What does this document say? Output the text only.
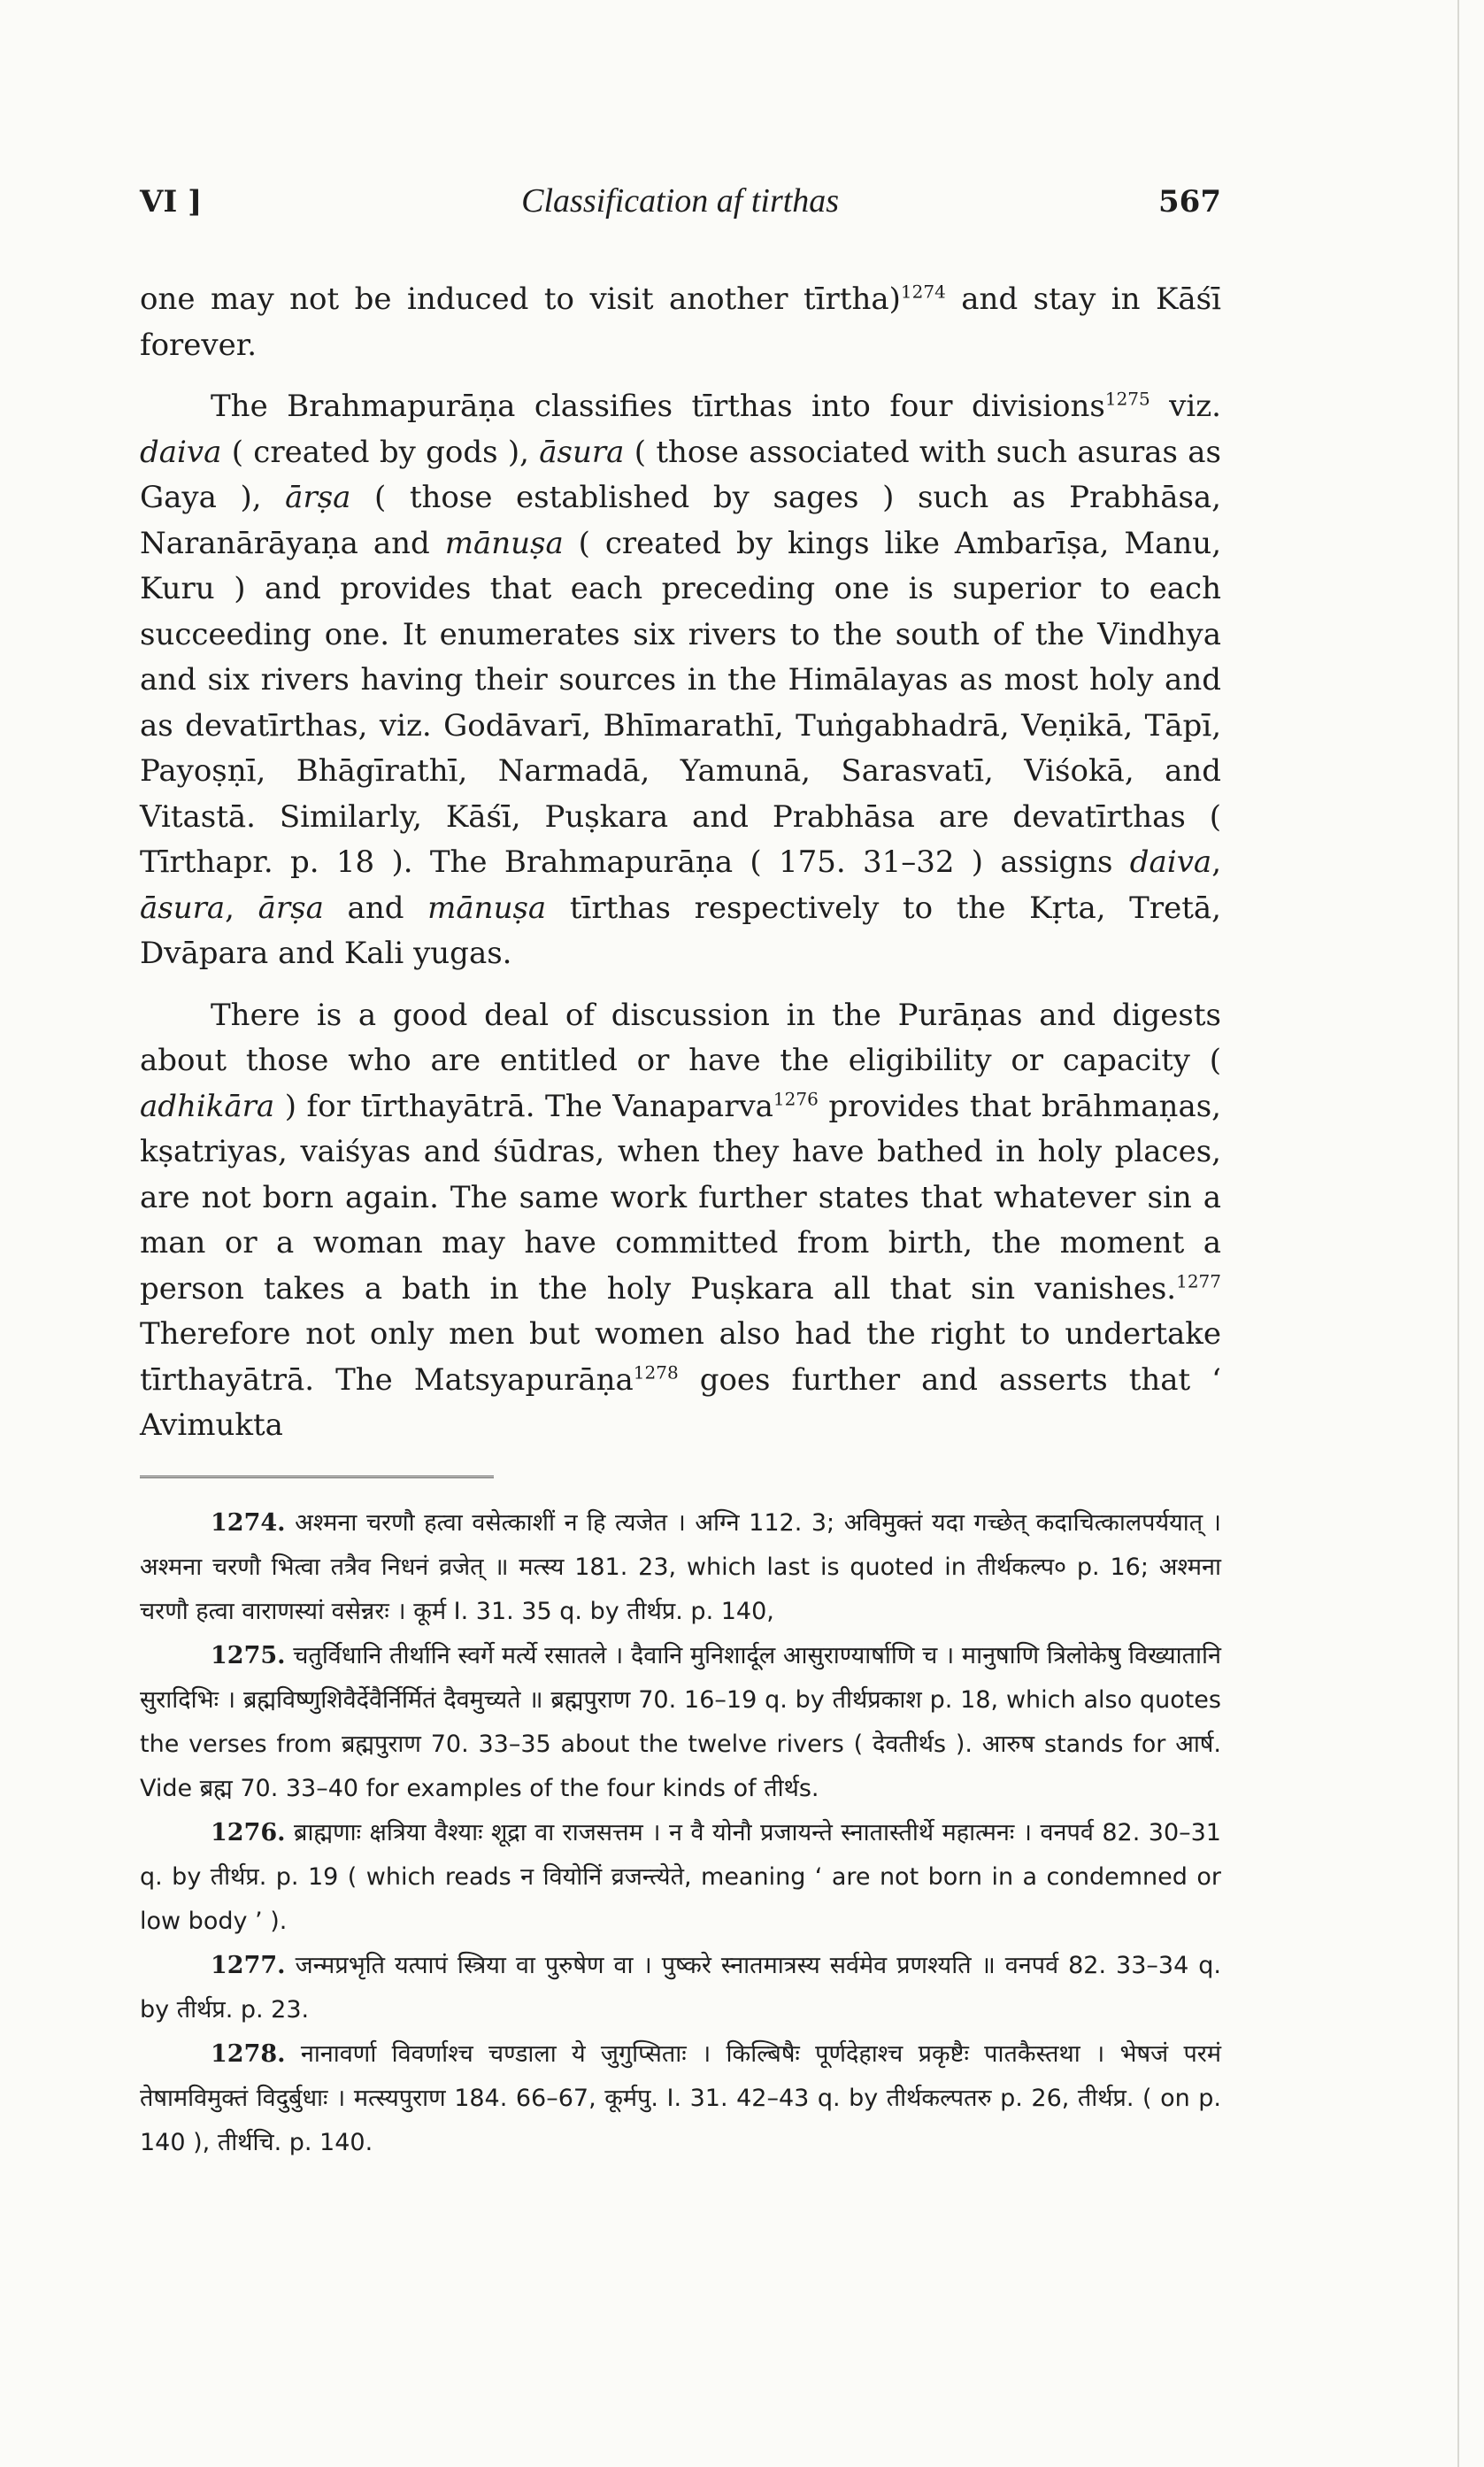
VI ]	Classification af tirthas	567

one may not be induced to visit another tīrtha)$^{1274}$ and stay in Kāśī forever.

The Brahmapurāṇa classifies tīrthas into four divisions$^{1275}$ viz. daiva ( created by gods ), āsura ( those associated with such asuras as Gaya ), ārṣa ( those established by sages ) such as Prabhāsa, Naranārāyaṇa and mānuṣa ( created by kings like Ambarīṣa, Manu, Kuru ) and provides that each preceding one is superior to each succeeding one. It enumerates six rivers to the south of the Vindhya and six rivers having their sources in the Himālayas as most holy and as devatīrthas, viz. Godāvarī, Bhīmarathī, Tuṅgabhadrā, Veṇikā, Tāpī, Payoṣṇī, Bhāgīrathī, Narmadā, Yamunā, Sarasvatī, Viśokā, and Vitastā. Similarly, Kāśī, Puṣkara and Prabhāsa are devatīrthas ( Tīrthapr. p. 18 ). The Brahmapurāṇa ( 175. 31–32 ) assigns daiva, āsura, ārṣa and mānuṣa tīrthas respectively to the Kṛta, Tretā, Dvāpara and Kali yugas.

There is a good deal of discussion in the Purāṇas and digests about those who are entitled or have the eligibility or capacity ( adhikāra ) for tīrthayātrā. The Vanaparva$^{1276}$ provides that brāhmaṇas, kṣatriyas, vaiśyas and śūdras, when they have bathed in holy places, are not born again. The same work further states that whatever sin a man or a woman may have committed from birth, the moment a person takes a bath in the holy Puṣkara all that sin vanishes.$^{1277}$ Therefore not only men but women also had the right to undertake tīrthayātrā. The Matsyapurāṇa$^{1278}$ goes further and asserts that ‘ Avimukta

1274. अश्मना चरणौ हत्वा वसेत्काशीं न हि त्यजेत । अग्नि 112. 3; अविमुक्तं यदा गच्छेत् कदाचित्कालपर्ययात् । अश्मना चरणौ भित्वा तत्रैव निधनं व्रजेत् ॥ मत्स्य 181. 23, which last is quoted in तीर्थकल्प० p. 16; अश्मना चरणौ हत्वा वाराणस्यां वसेन्नरः । कूर्म I. 31. 35 q. by तीर्थप्र. p. 140,

1275. चतुर्विधानि तीर्थानि स्वर्गे मर्त्ये रसातले । दैवानि मुनिशार्दूल आसुराण्यार्षाणि च । मानुषाणि त्रिलोकेषु विख्यातानि सुरादिभिः । ब्रह्मविष्णुशिवैर्देवैर्निर्मितं दैवमुच्यते ॥ ब्रह्मपुराण 70. 16–19 q. by तीर्थप्रकाश p. 18, which also quotes the verses from ब्रह्मपुराण 70. 33–35 about the twelve rivers ( देवतीर्थs ). आरुष stands for आर्ष. Vide ब्रह्म 70. 33–40 for examples of the four kinds of तीर्थs.

1276. ब्राह्मणाः क्षत्रिया वैश्याः शूद्रा वा राजसत्तम । न वै योनौ प्रजायन्ते स्नातास्तीर्थे महात्मनः । वनपर्व 82. 30–31 q. by तीर्थप्र. p. 19 ( which reads न वियोनिं व्रजन्त्येते, meaning ‘ are not born in a condemned or low body ’ ).

1277. जन्मप्रभृति यत्पापं स्त्रिया वा पुरुषेण वा । पुष्करे स्नातमात्रस्य सर्वमेव प्रणश्यति ॥ वनपर्व 82. 33–34 q. by तीर्थप्र. p. 23.

1278. नानावर्णा विवर्णाश्च चण्डाला ये जुगुप्सिताः । किल्बिषैः पूर्णदेहाश्च प्रकृष्टैः पातकैस्तथा । भेषजं परमं तेषामविमुक्तं विदुर्बुधाः । मत्स्यपुराण 184. 66–67, कूर्मपु. I. 31. 42–43 q. by तीर्थकल्पतरु p. 26, तीर्थप्र. ( on p. 140 ), तीर्थचि. p. 140.
